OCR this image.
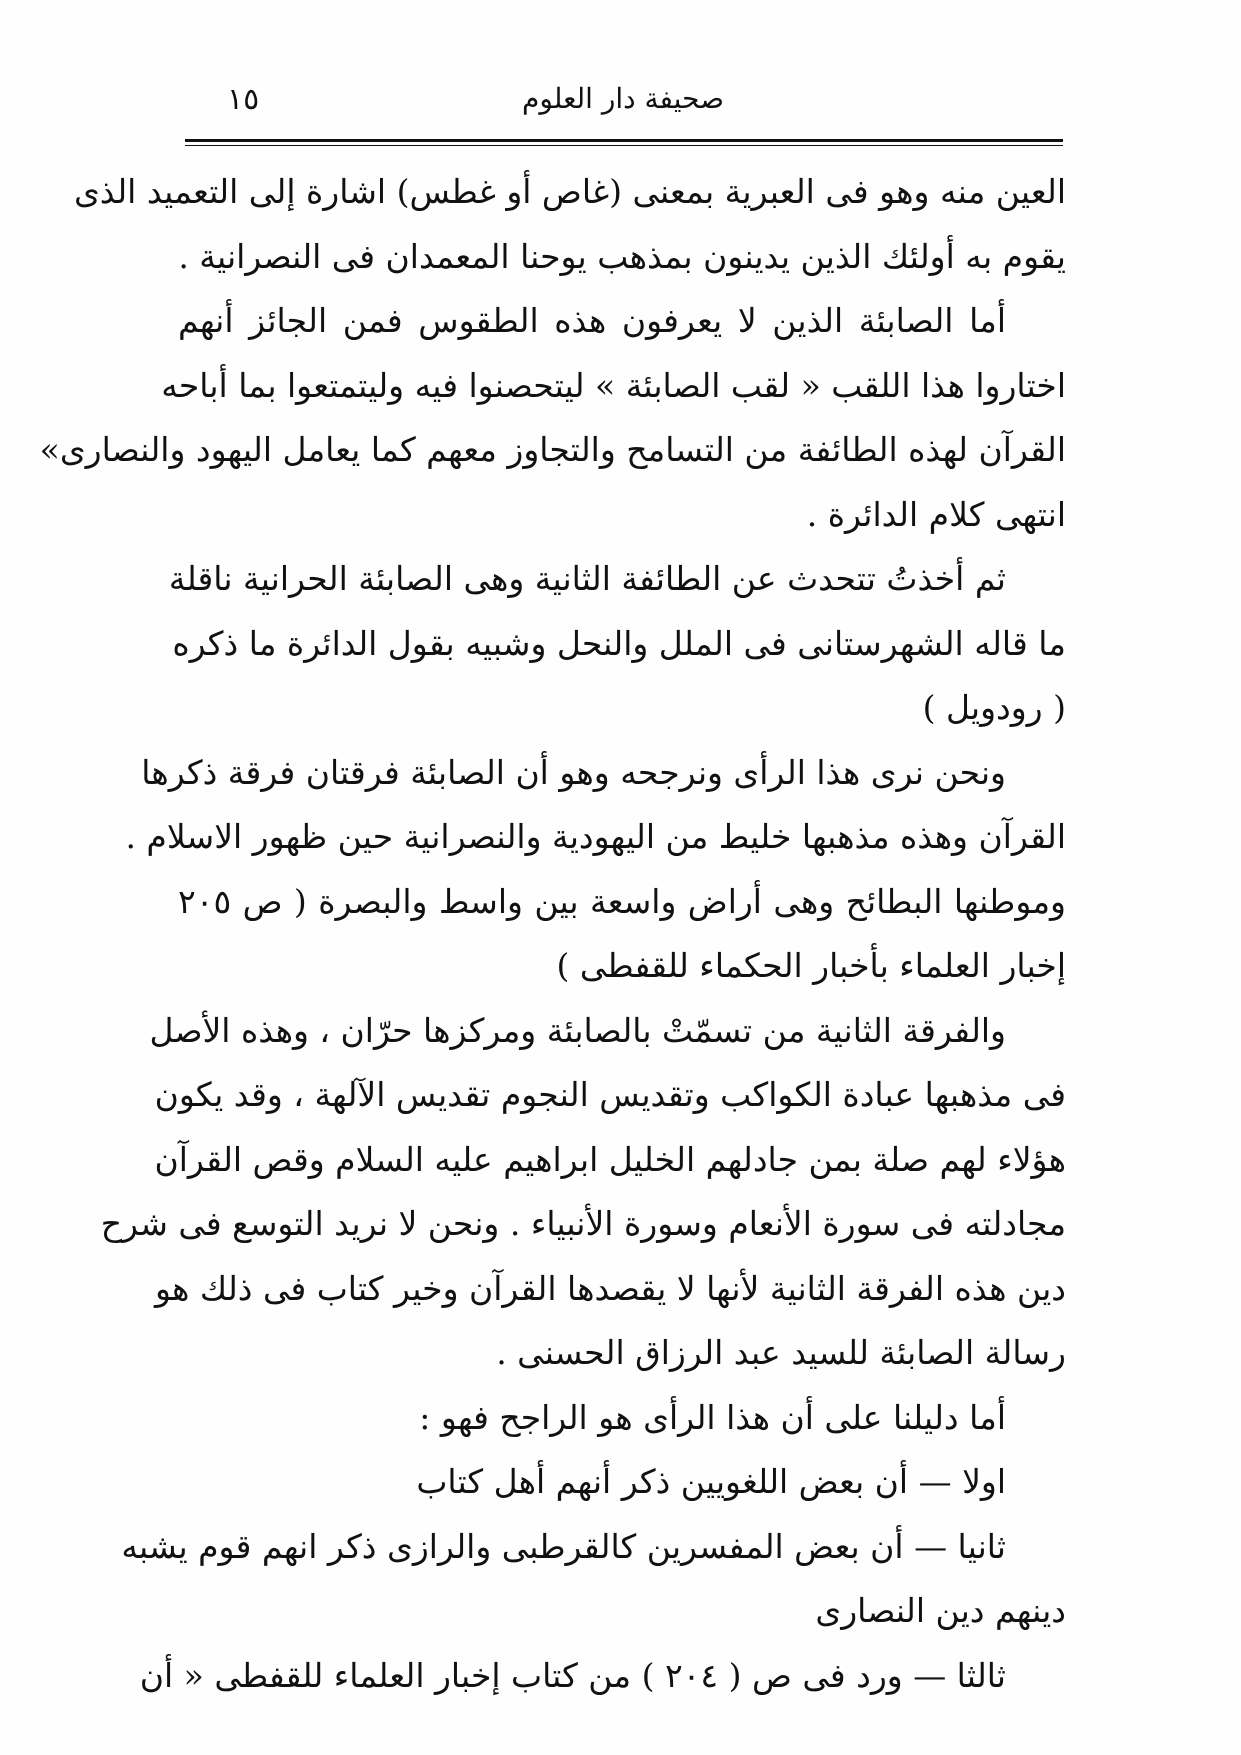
١٥	صحيفة دار العلوم
العين منه وهو فى العبرية بمعنى (غاص أو غطس) اشارة إلى التعميد الذى
يقوم به أولئك الذين يدينون بمذهب يوحنا المعمدان فى النصرانية .
أما الصابئة الذين لا يعرفون هذه الطقوس فمن الجائز أنهم
اختاروا هذا اللقب « لقب الصابئة » ليتحصنوا فيه وليتمتعوا بما أباحه
القرآن لهذه الطائفة من التسامح والتجاوز معهم كما يعامل اليهود والنصارى»
انتهى كلام الدائرة .
ثم أخذتُ تتحدث عن الطائفة الثانية وهى الصابئة الحرانية ناقلة
ما قاله الشهرستانى فى الملل والنحل وشبيه بقول الدائرة ما ذكره
( رودويل )
ونحن نرى هذا الرأى ونرجحه وهو أن الصابئة فرقتان فرقة ذكرها
القرآن وهذه مذهبها خليط من اليهودية والنصرانية حين ظهور الاسلام .
وموطنها البطائح وهى أراض واسعة بين واسط والبصرة ( ص ٢٠٥
إخبار العلماء بأخبار الحكماء للقفطى )
والفرقة الثانية من تسمّتْ بالصابئة ومركزها حرّان ، وهذه الأصل
فى مذهبها عبادة الكواكب وتقديس النجوم تقديس الآلهة ، وقد يكون
هؤلاء لهم صلة بمن جادلهم الخليل ابراهيم عليه السلام وقص القرآن
مجادلته فى سورة الأنعام وسورة الأنبياء . ونحن لا نريد التوسع فى شرح
دين هذه الفرقة الثانية لأنها لا يقصدها القرآن وخير كتاب فى ذلك هو
رسالة الصابئة للسيد عبد الرزاق الحسنى .
أما دليلنا على أن هذا الرأى هو الراجح فهو :
اولا — أن بعض اللغويين ذكر أنهم أهل كتاب
ثانيا — أن بعض المفسرين كالقرطبى والرازى ذكر انهم قوم يشبه
دينهم دين النصارى
ثالثا — ورد فى ص ( ٢٠٤ ) من كتاب إخبار العلماء للقفطى « أن
